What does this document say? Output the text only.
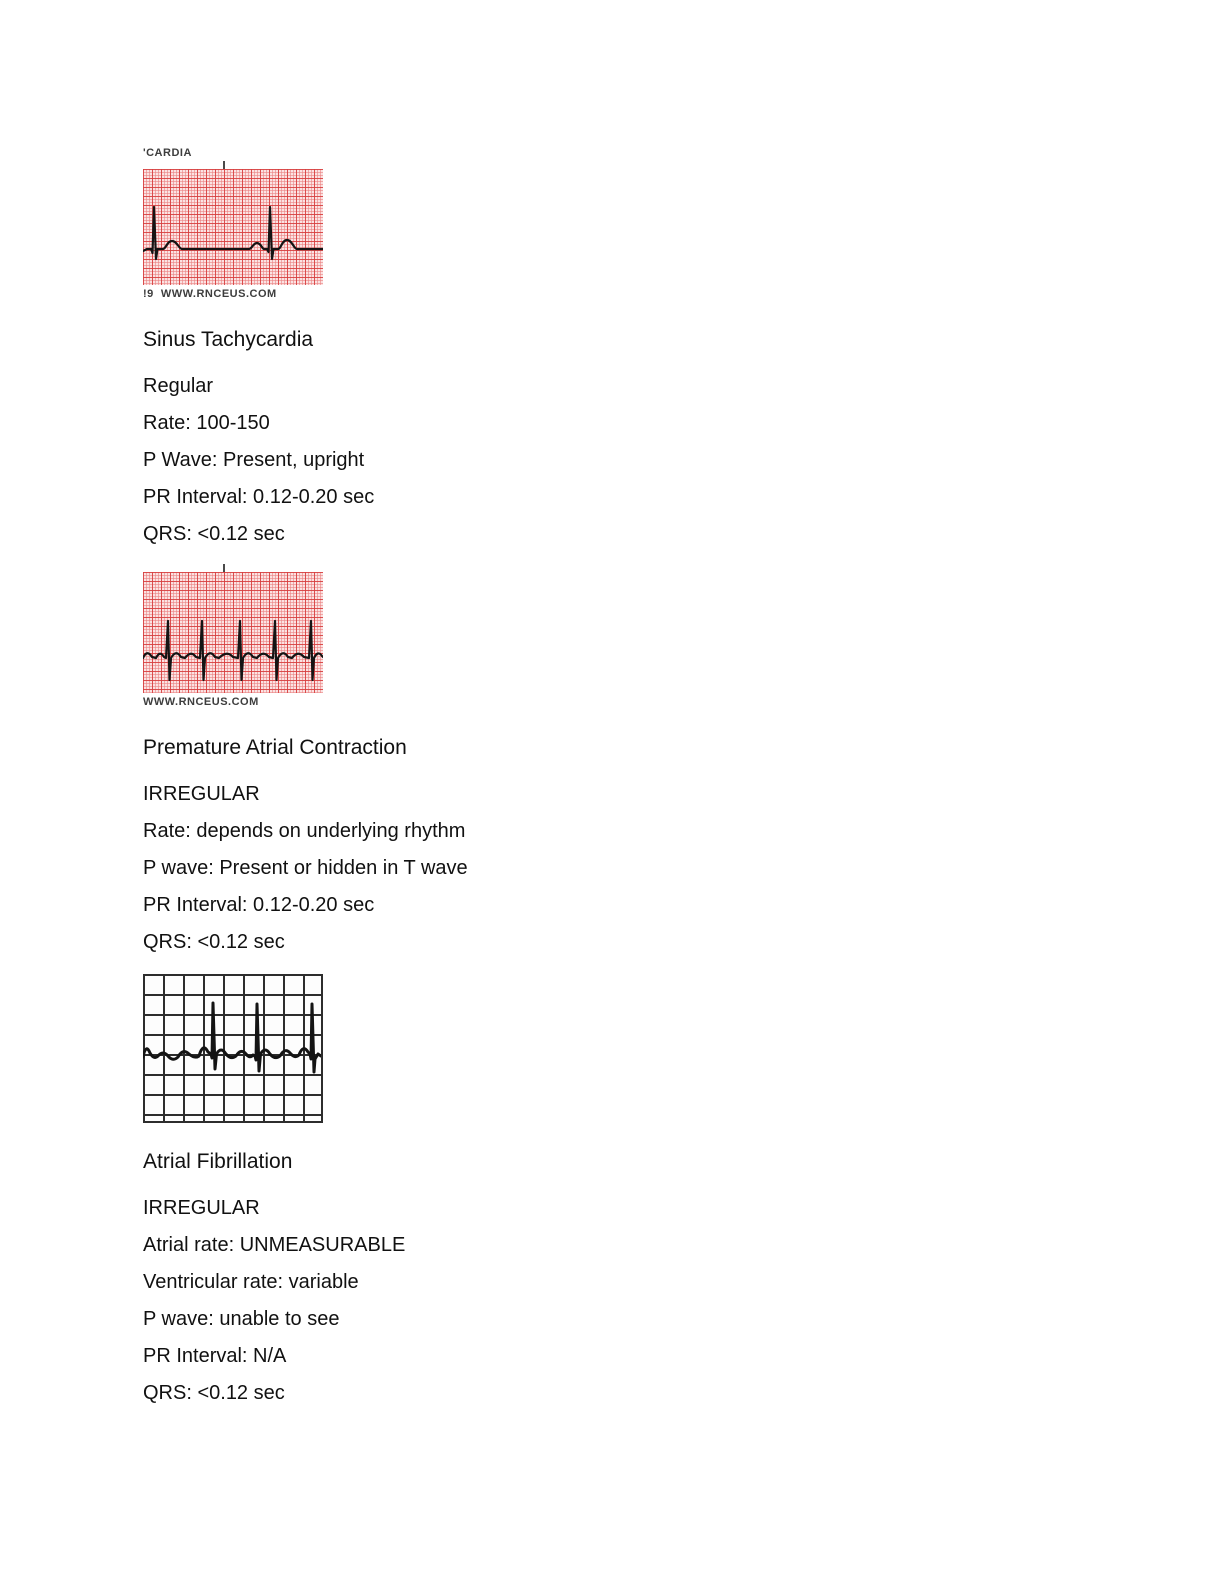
'CARDIA
!9  WWW.RNCEUS.COM
Sinus Tachycardia
Regular
Rate: 100-150
P Wave: Present, upright
PR Interval: 0.12-0.20 sec
QRS: <0.12 sec
WWW.RNCEUS.COM
Premature Atrial Contraction
IRREGULAR
Rate: depends on underlying rhythm
P wave: Present or hidden in T wave
PR Interval: 0.12-0.20 sec
QRS: <0.12 sec
Atrial Fibrillation
IRREGULAR
Atrial rate: UNMEASURABLE
Ventricular rate: variable
P wave: unable to see
PR Interval: N/A
QRS: <0.12 sec
